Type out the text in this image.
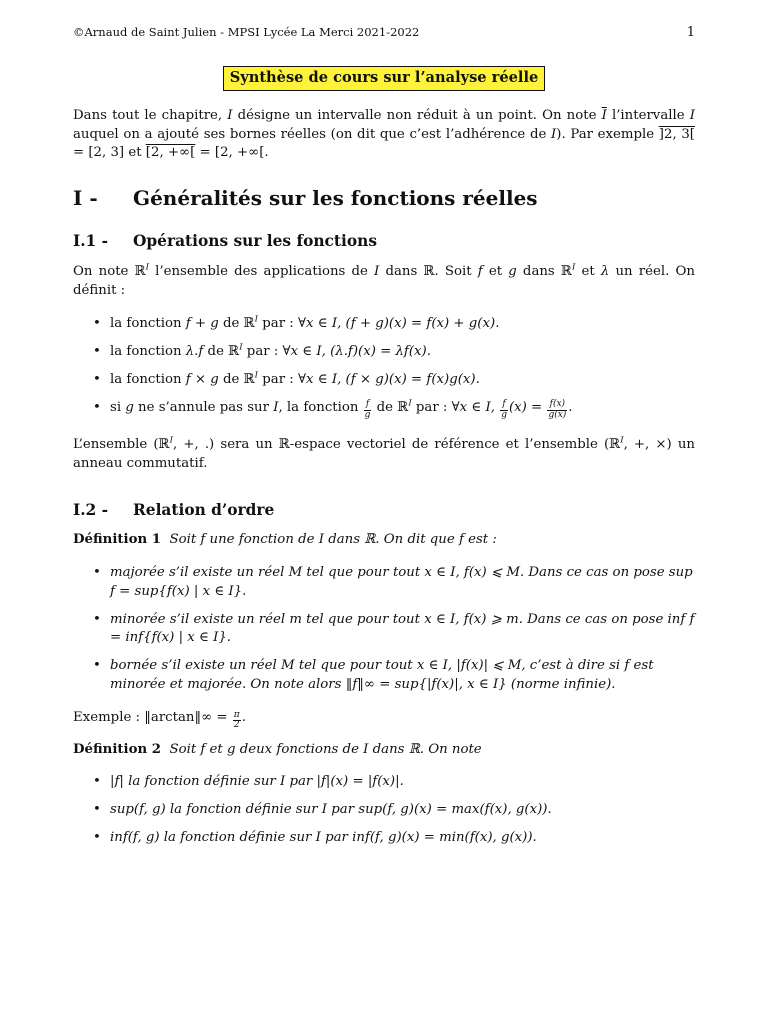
©Arnaud de Saint Julien - MPSI Lycée La Merci 2021-2022	1
Synthèse de cours sur l’analyse réelle

Dans tout le chapitre, I désigne un intervalle non réduit à un point. On note $\overline{I}$ l’intervalle I auquel on a ajouté ses bornes réelles (on dit que c’est l’adhérence de I). Par exemple ]2, 3[ = [2, 3] et [2, +∞[ = [2, +∞[.

I -	Généralités sur les fonctions réelles
I.1 -	Opérations sur les fonctions

On note ℝ$^I$ l’ensemble des applications de I dans ℝ. Soit f et g dans ℝ$^I$ et λ un réel. On définit :

• la fonction f + g de ℝ$^I$ par : ∀x ∈ I, (f + g)(x) = f(x) + g(x).
• la fonction λ.f de ℝ$^I$ par : ∀x ∈ I, (λ.f)(x) = λf(x).
• la fonction f × g de ℝ$^I$ par : ∀x ∈ I, (f × g)(x) = f(x)g(x).
• si g ne s’annule pas sur I, la fonction $\frac{f}{g}$ de ℝ$^I$ par : ∀x ∈ I, $\frac{f}{g} (x) = \frac{f(x)}{g(x)}$ .

L’ensemble (ℝ$^I$, +, .) sera un ℝ-espace vectoriel de référence et l’ensemble (ℝ$^I$, +, ×) un anneau commutatif.

I.2 -	Relation d’ordre

Définition 1 Soit f une fonction de I dans ℝ. On dit que f est :

• majorée s’il existe un réel M tel que pour tout x ∈ I, f(x) ⩽ M. Dans ce cas on pose sup f = sup{f(x) | x ∈ I}.
• minorée s’il existe un réel m tel que pour tout x ∈ I, f(x) ⩾ m. Dans ce cas on pose inf f = inf{f(x) | x ∈ I}.
• bornée s’il existe un réel M tel que pour tout x ∈ I, |f(x)| ⩽ M, c’est à dire si f est minorée et majorée. On note alors ‖f‖∞ = sup{|f(x)|, x ∈ I} (norme infinie).

Exemple : ‖arctan‖∞ = $\frac{\pi}{2}$ .

Définition 2 Soit f et g deux fonctions de I dans ℝ. On note

• |f| la fonction définie sur I par |f|(x) = |f(x)|.
• sup(f, g) la fonction définie sur I par sup(f, g)(x) = max(f(x), g(x)).
• inf(f, g) la fonction définie sur I par inf(f, g)(x) = min(f(x), g(x)).
